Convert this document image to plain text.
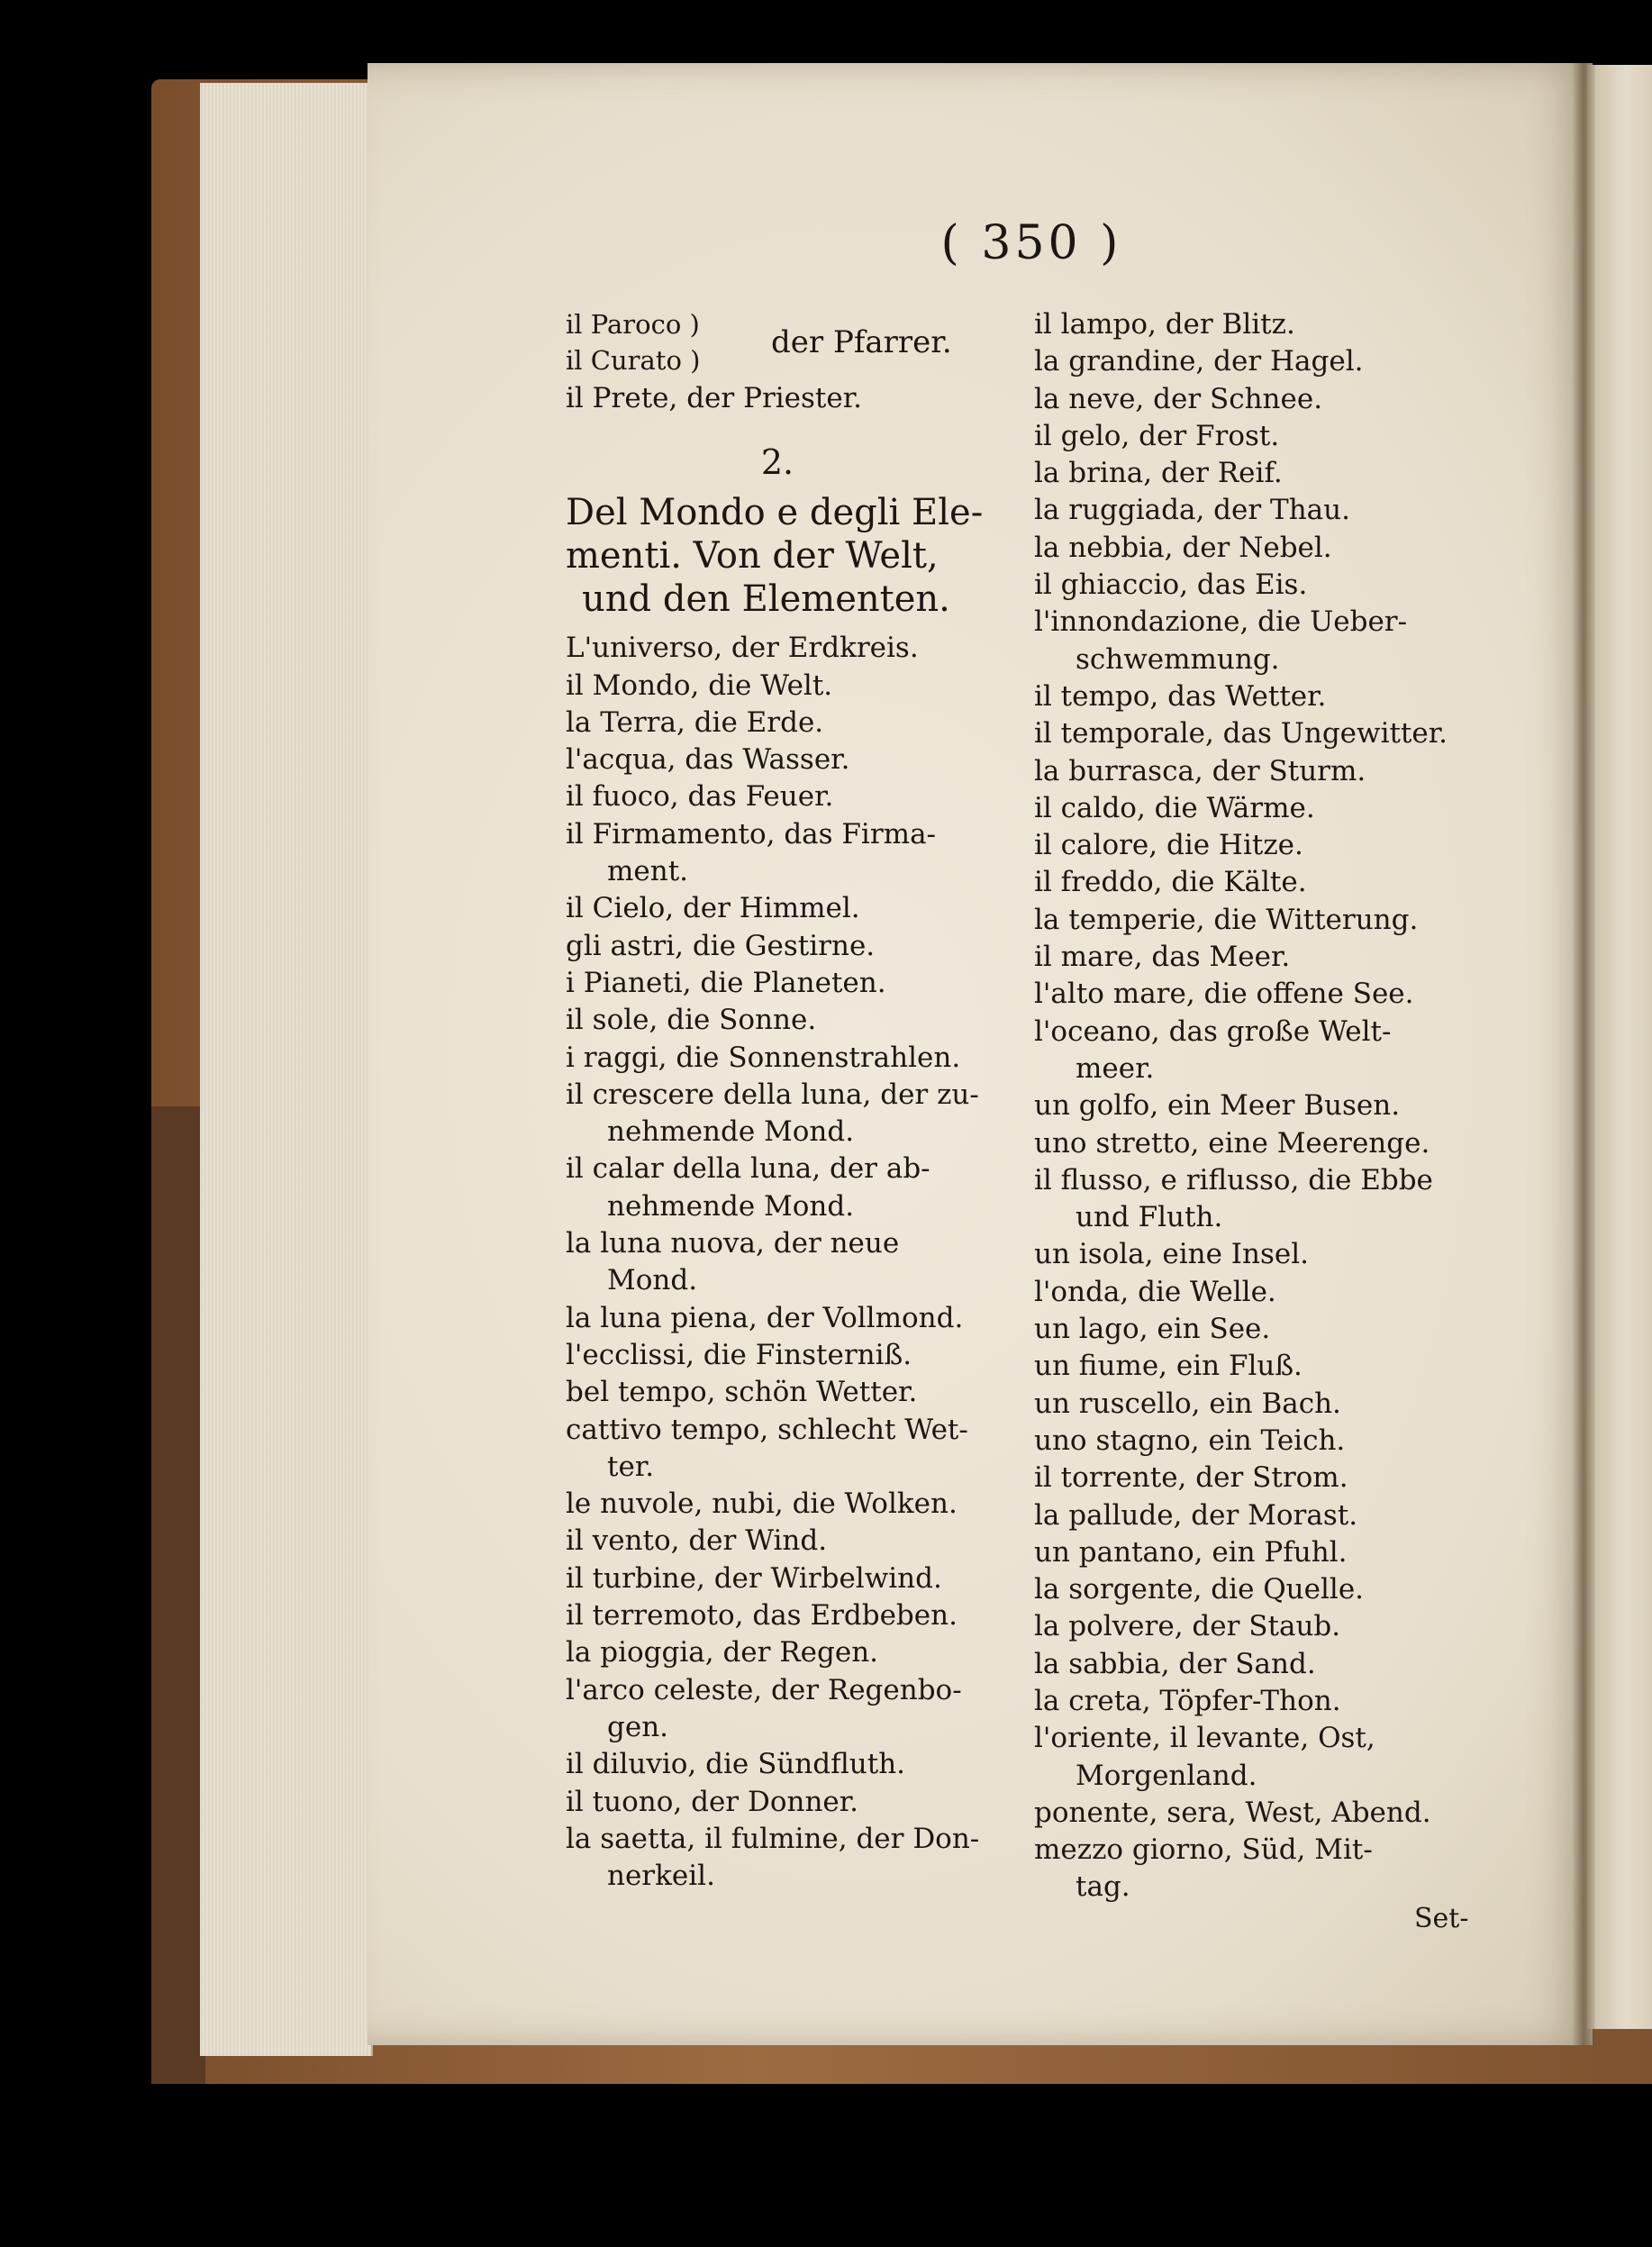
( 350 )
il Paroco )
il Curato ) der Pfarrer.
il Prete, der Priester.
2.
Del Mondo e degli Ele-
menti. Von der Welt,
und den Elementen.
L'universo, der Erdkreis.
il Mondo, die Welt.
la Terra, die Erde.
l'acqua, das Wasser.
il fuoco, das Feuer.
il Firmamento, das Firma-
ment.
il Cielo, der Himmel.
gli astri, die Gestirne.
i Pianeti, die Planeten.
il sole, die Sonne.
i raggi, die Sonnenstrahlen.
il crescere della luna, der zu-
nehmende Mond.
il calar della luna, der ab-
nehmende Mond.
la luna nuova, der neue
Mond.
la luna piena, der Vollmond.
l'ecclissi, die Finsterniß.
bel tempo, schön Wetter.
cattivo tempo, schlecht Wet-
ter.
le nuvole, nubi, die Wolken.
il vento, der Wind.
il turbine, der Wirbelwind.
il terremoto, das Erdbeben.
la pioggia, der Regen.
l'arco celeste, der Regenbo-
gen.
il diluvio, die Sündfluth.
il tuono, der Donner.
la saetta, il fulmine, der Don-
nerkeil.
il lampo, der Blitz.
la grandine, der Hagel.
la neve, der Schnee.
il gelo, der Frost.
la brina, der Reif.
la ruggiada, der Thau.
la nebbia, der Nebel.
il ghiaccio, das Eis.
l'innondazione, die Ueber-
schwemmung.
il tempo, das Wetter.
il temporale, das Ungewitter.
la burrasca, der Sturm.
il caldo, die Wärme.
il calore, die Hitze.
il freddo, die Kälte.
la temperie, die Witterung.
il mare, das Meer.
l'alto mare, die offene See.
l'oceano, das große Welt-
meer.
un golfo, ein Meer Busen.
uno stretto, eine Meerenge.
il flusso, e riflusso, die Ebbe
und Fluth.
un isola, eine Insel.
l'onda, die Welle.
un lago, ein See.
un fiume, ein Fluß.
un ruscello, ein Bach.
uno stagno, ein Teich.
il torrente, der Strom.
la pallude, der Morast.
un pantano, ein Pfuhl.
la sorgente, die Quelle.
la polvere, der Staub.
la sabbia, der Sand.
la creta, Töpfer-Thon.
l'oriente, il levante, Ost,
Morgenland.
ponente, sera, West, Abend.
mezzo giorno, Süd, Mit-
tag.
Set-
